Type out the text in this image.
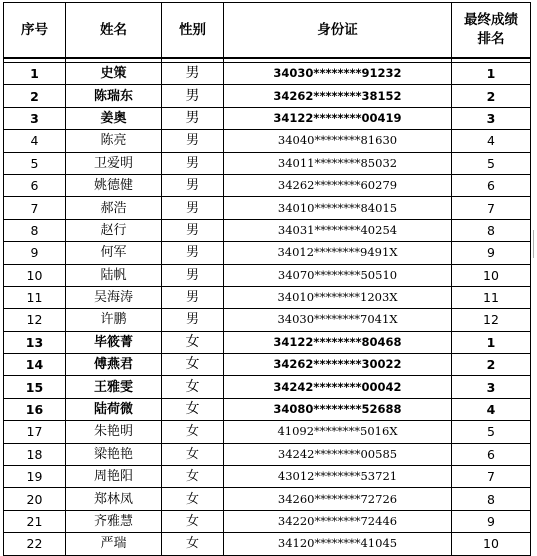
序号	姓名	性别	身份证	最终成绩
排名

1	史策	男	34030********91232	1
2	陈瑞东	男	34262********38152	2
3	姜奥	男	34122********00419	3
4	陈亮	男	34040********81630	4
5	卫爱明	男	34011********85032	5
6	姚德健	男	34262********60279	6
7	郝浩	男	34010********84015	7
8	赵行	男	34031********40254	8
9	何军	男	34012********9491X	9
10	陆帆	男	34070********50510	10
11	吴海涛	男	34010********1203X	11
12	许鹏	男	34030********7041X	12
13	毕筱菁	女	34122********80468	1
14	傅燕君	女	34262********30022	2
15	王雅雯	女	34242********00042	3
16	陆荷微	女	34080********52688	4
17	朱艳明	女	41092********5016X	5
18	梁艳艳	女	34242********00585	6
19	周艳阳	女	43012********53721	7
20	郑林凤	女	34260********72726	8
21	齐雅慧	女	34220********72446	9
22	严瑞	女	34120********41045	10
